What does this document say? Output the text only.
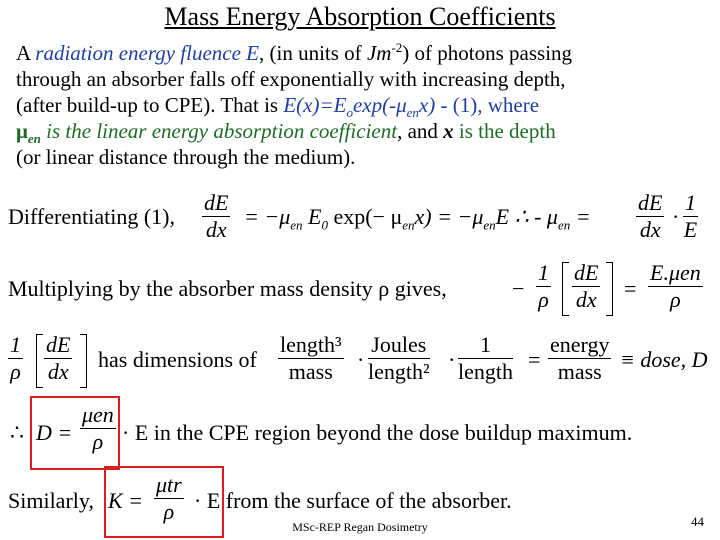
Mass Energy Absorption Coefficients
A radiation energy fluence E, (in units of $Jm^{-2}$) of photons passing
through an absorber falls off exponentially with increasing depth,
(after build-up to CPE). That is $E(x)=E_o\exp(-\mu_{en}x) - (1)$, where
$\mu_{en}$ is the linear energy absorption coefficient, and x is the depth
(or linear distance through the medium).
Differentiating (1), $\frac{dE}{dx} = -\mu_{en}$ $E_0$ $\exp(- \mu_{en}x) = -\mu_{en}E$ ∴ - $\mu_{en} = \frac{dE}{dx} \cdot \frac{1}{E}$
Multiplying by the absorber mass density ρ gives,	− $\frac{1}{\rho} \frac{dE}{dx}$ =
E.μen
ρ
$\frac{1}{\rho} \frac{dE}{dx}$ has dimensions of
length³
mass	·
Joules
length² ·
1
length =
energy
mass ≡ dose, D
∴ D =
μen
ρ · E in the CPE region beyond the dose buildup maximum.
Similarly, K =
μtr
ρ · E from the surface of the absorber.
MSc-REP Regan Dosimetry	44
